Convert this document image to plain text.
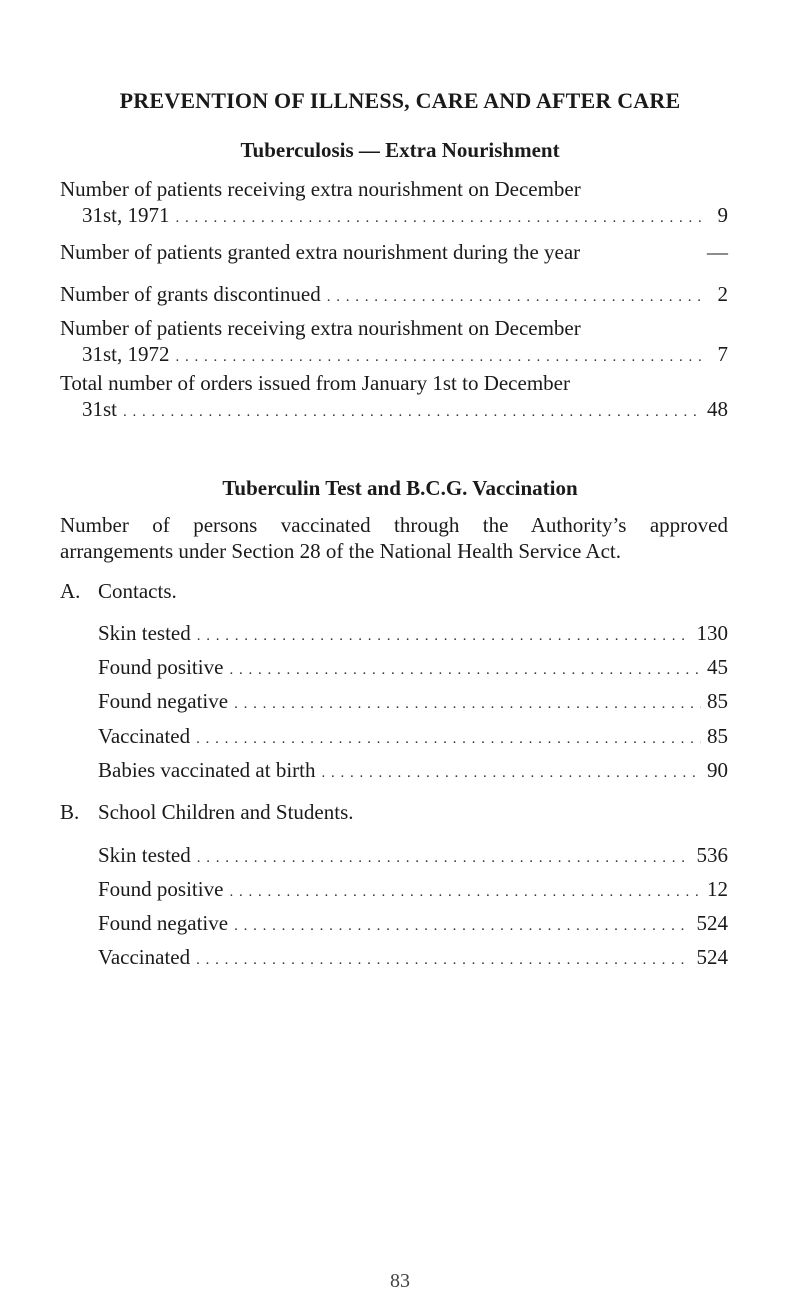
PREVENTION OF ILLNESS, CARE AND AFTER CARE
Tuberculosis — Extra Nourishment
Number of patients receiving extra nourishment on December
31st, 1971 . . .	9
Number of patients granted extra nourishment during the year	—
Number of grants discontinued . . .	2
Number of patients receiving extra nourishment on December
31st, 1972 . . .	7
Total number of orders issued from January 1st to December
31st . . .	48
Tuberculin Test and B.C.G. Vaccination
Number of persons vaccinated through the Authority’s approved
arrangements under Section 28 of the National Health Service Act.
A. Contacts.
Skin tested . . .	130
Found positive . . .	45
Found negative . . .	85
Vaccinated . . .	85
Babies vaccinated at birth . . .	90
B. School Children and Students.
Skin tested . . .	536
Found positive . . .	12
Found negative . . .	524
Vaccinated . . .	524
83
